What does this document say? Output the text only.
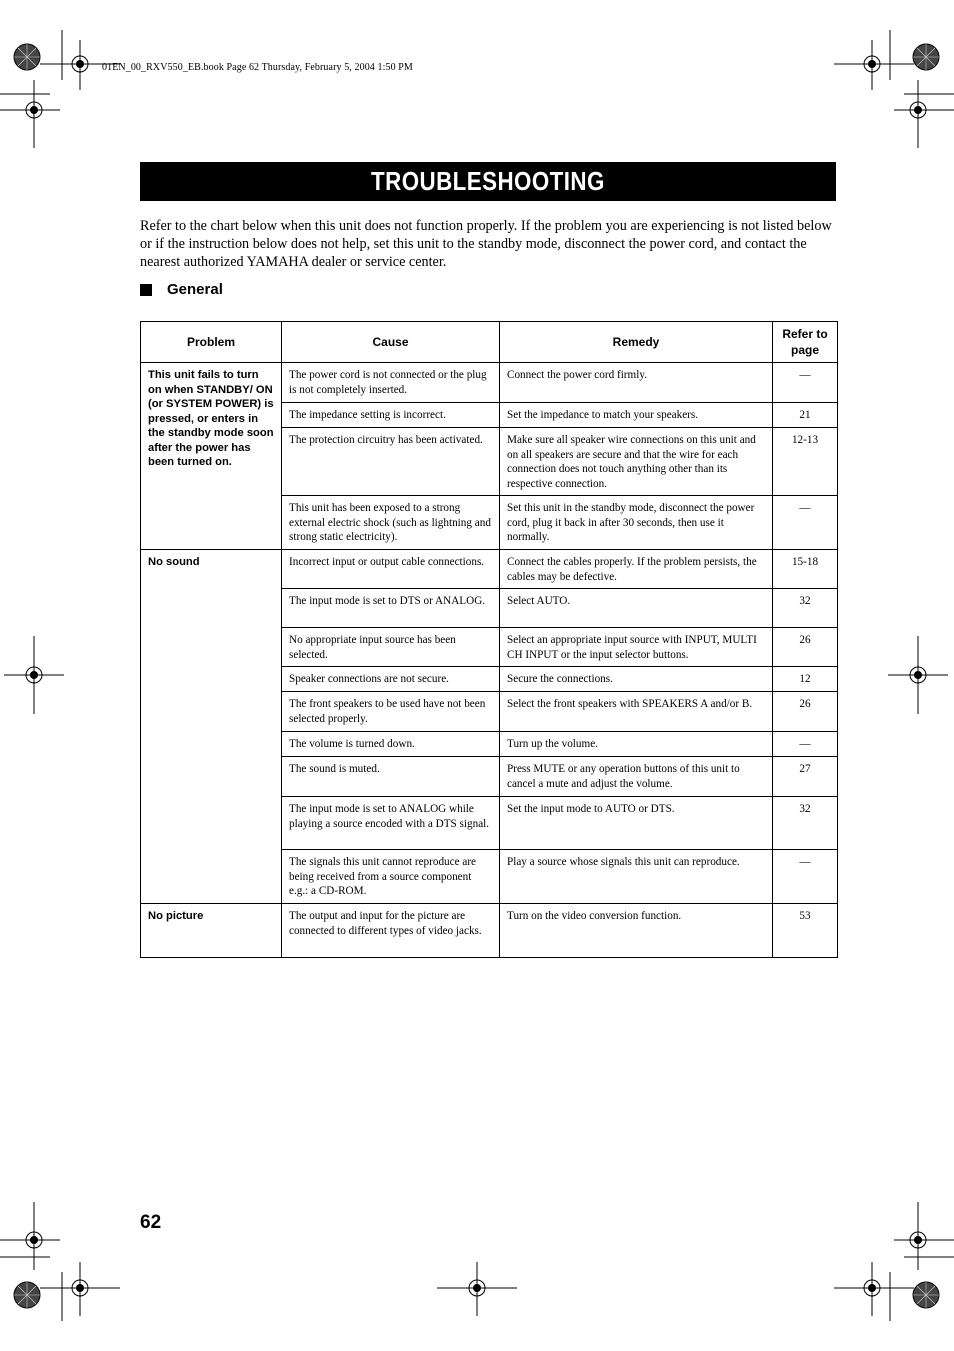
01EN_00_RXV550_EB.book Page 62 Thursday, February 5, 2004 1:50 PM
TROUBLESHOOTING
Refer to the chart below when this unit does not function properly. If the problem you are experiencing is not listed below or if the instruction below does not help, set this unit to the standby mode, disconnect the power cord, and contact the nearest authorized YAMAHA dealer or service center.
General
Problem	Cause	Remedy	Refer to page
This unit fails to turn on when STANDBY/ ON (or SYSTEM POWER) is pressed, or enters in the standby mode soon after the power has been turned on.	The power cord is not connected or the plug is not completely inserted.	Connect the power cord firmly.	—
	The impedance setting is incorrect.	Set the impedance to match your speakers.	21
	The protection circuitry has been activated.	Make sure all speaker wire connections on this unit and on all speakers are secure and that the wire for each connection does not touch anything other than its respective connection.	12-13
	This unit has been exposed to a strong external electric shock (such as lightning and strong static electricity).	Set this unit in the standby mode, disconnect the power cord, plug it back in after 30 seconds, then use it normally.	—
No sound	Incorrect input or output cable connections.	Connect the cables properly. If the problem persists, the cables may be defective.	15-18
	The input mode is set to DTS or ANALOG.	Select AUTO.	32
	No appropriate input source has been selected.	Select an appropriate input source with INPUT, MULTI CH INPUT or the input selector buttons.	26
	Speaker connections are not secure.	Secure the connections.	12
	The front speakers to be used have not been selected properly.	Select the front speakers with SPEAKERS A and/or B.	26
	The volume is turned down.	Turn up the volume.	—
	The sound is muted.	Press MUTE or any operation buttons of this unit to cancel a mute and adjust the volume.	27
	The input mode is set to ANALOG while playing a source encoded with a DTS signal.	Set the input mode to AUTO or DTS.	32
	The signals this unit cannot reproduce are being received from a source component e.g.: a CD-ROM.	Play a source whose signals this unit can reproduce.	—
No picture	The output and input for the picture are connected to different types of video jacks.	Turn on the video conversion function.	53
62
